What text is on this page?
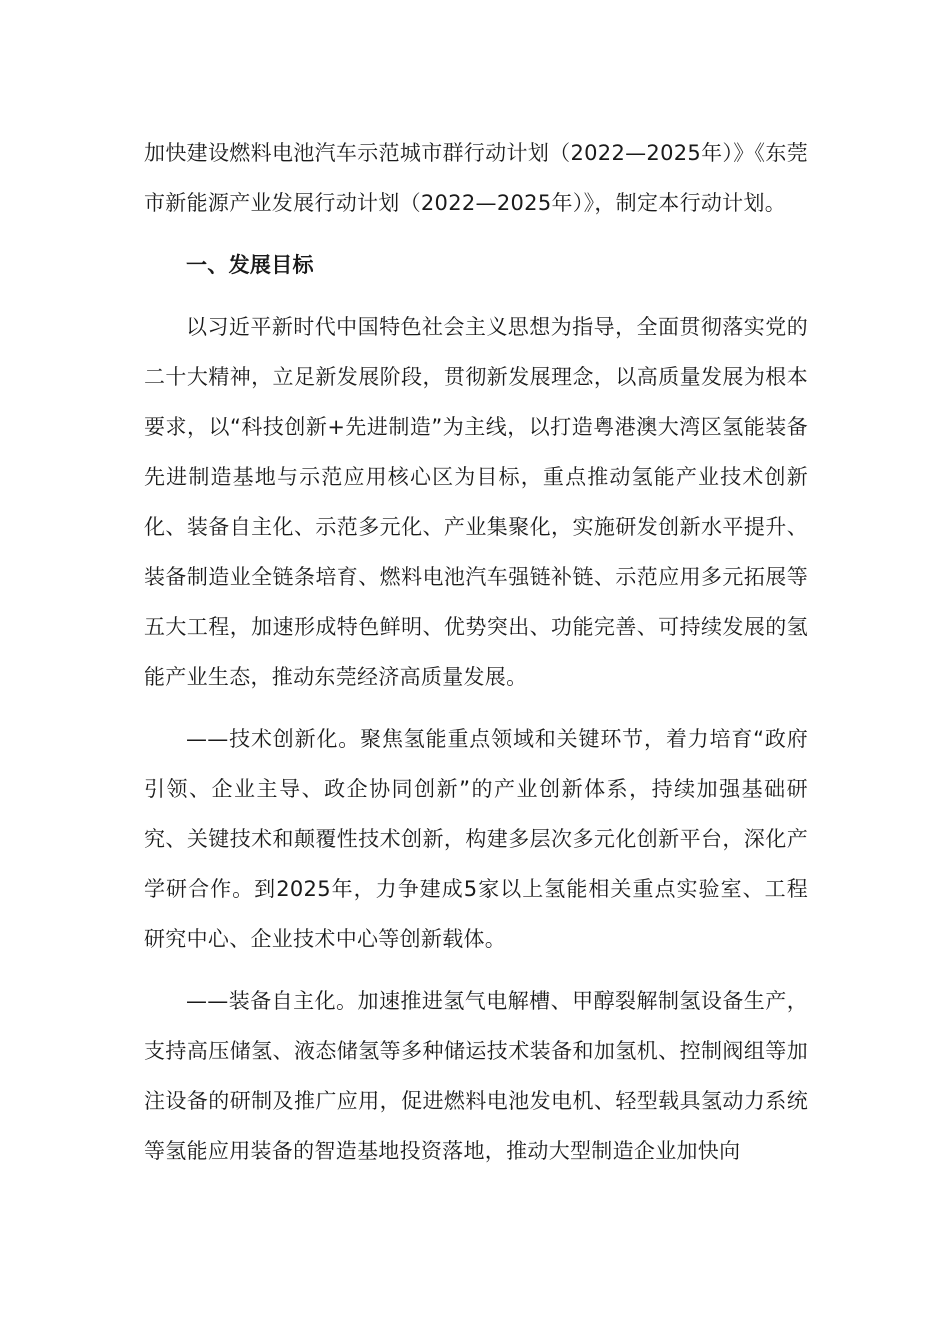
加快建设燃料电池汽车示范城市群行动计划（2022—2025年）》《东莞市新能源产业发展行动计划（2022—2025年）》，制定本行动计划。

一、发展目标

以习近平新时代中国特色社会主义思想为指导，全面贯彻落实党的二十大精神，立足新发展阶段，贯彻新发展理念，以高质量发展为根本要求，以“科技创新+先进制造”为主线，以打造粤港澳大湾区氢能装备先进制造基地与示范应用核心区为目标，重点推动氢能产业技术创新化、装备自主化、示范多元化、产业集聚化，实施研发创新水平提升、装备制造业全链条培育、燃料电池汽车强链补链、示范应用多元拓展等五大工程，加速形成特色鲜明、优势突出、功能完善、可持续发展的氢能产业生态，推动东莞经济高质量发展。

——技术创新化。聚焦氢能重点领域和关键环节，着力培育“政府引领、企业主导、政企协同创新”的产业创新体系，持续加强基础研究、关键技术和颠覆性技术创新，构建多层次多元化创新平台，深化产学研合作。到2025年，力争建成5家以上氢能相关重点实验室、工程研究中心、企业技术中心等创新载体。

——装备自主化。加速推进氢气电解槽、甲醇裂解制氢设备生产，支持高压储氢、液态储氢等多种储运技术装备和加氢机、控制阀组等加注设备的研制及推广应用，促进燃料电池发电机、轻型载具氢动力系统等氢能应用装备的智造基地投资落地，推动大型制造企业加快向
